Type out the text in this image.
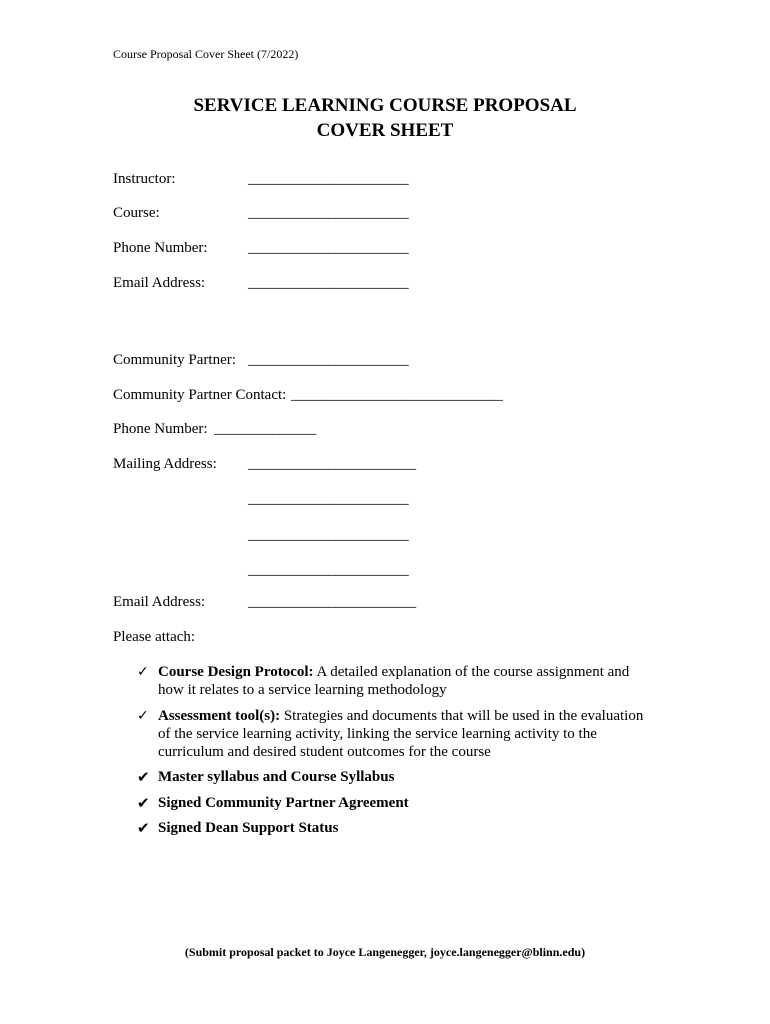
Course Proposal Cover Sheet (7/2022)
SERVICE LEARNING COURSE PROPOSAL
COVER SHEET
Instructor:	______________________
Course:	______________________
Phone Number:	______________________
Email Address:	______________________
Community Partner: ______________________
Community Partner Contact: _____________________________
Phone Number: ______________
Mailing Address: _______________________
______________________
______________________
______________________
Email Address:	_______________________
Please attach:
✓ Course Design Protocol: A detailed explanation of the course assignment and how it relates to a service learning methodology
✓ Assessment tool(s): Strategies and documents that will be used in the evaluation of the service learning activity, linking the service learning activity to the curriculum and desired student outcomes for the course
✔ Master syllabus and Course Syllabus
✔ Signed Community Partner Agreement
✔ Signed Dean Support Status
(Submit proposal packet to Joyce Langenegger, joyce.langenegger@blinn.edu)
